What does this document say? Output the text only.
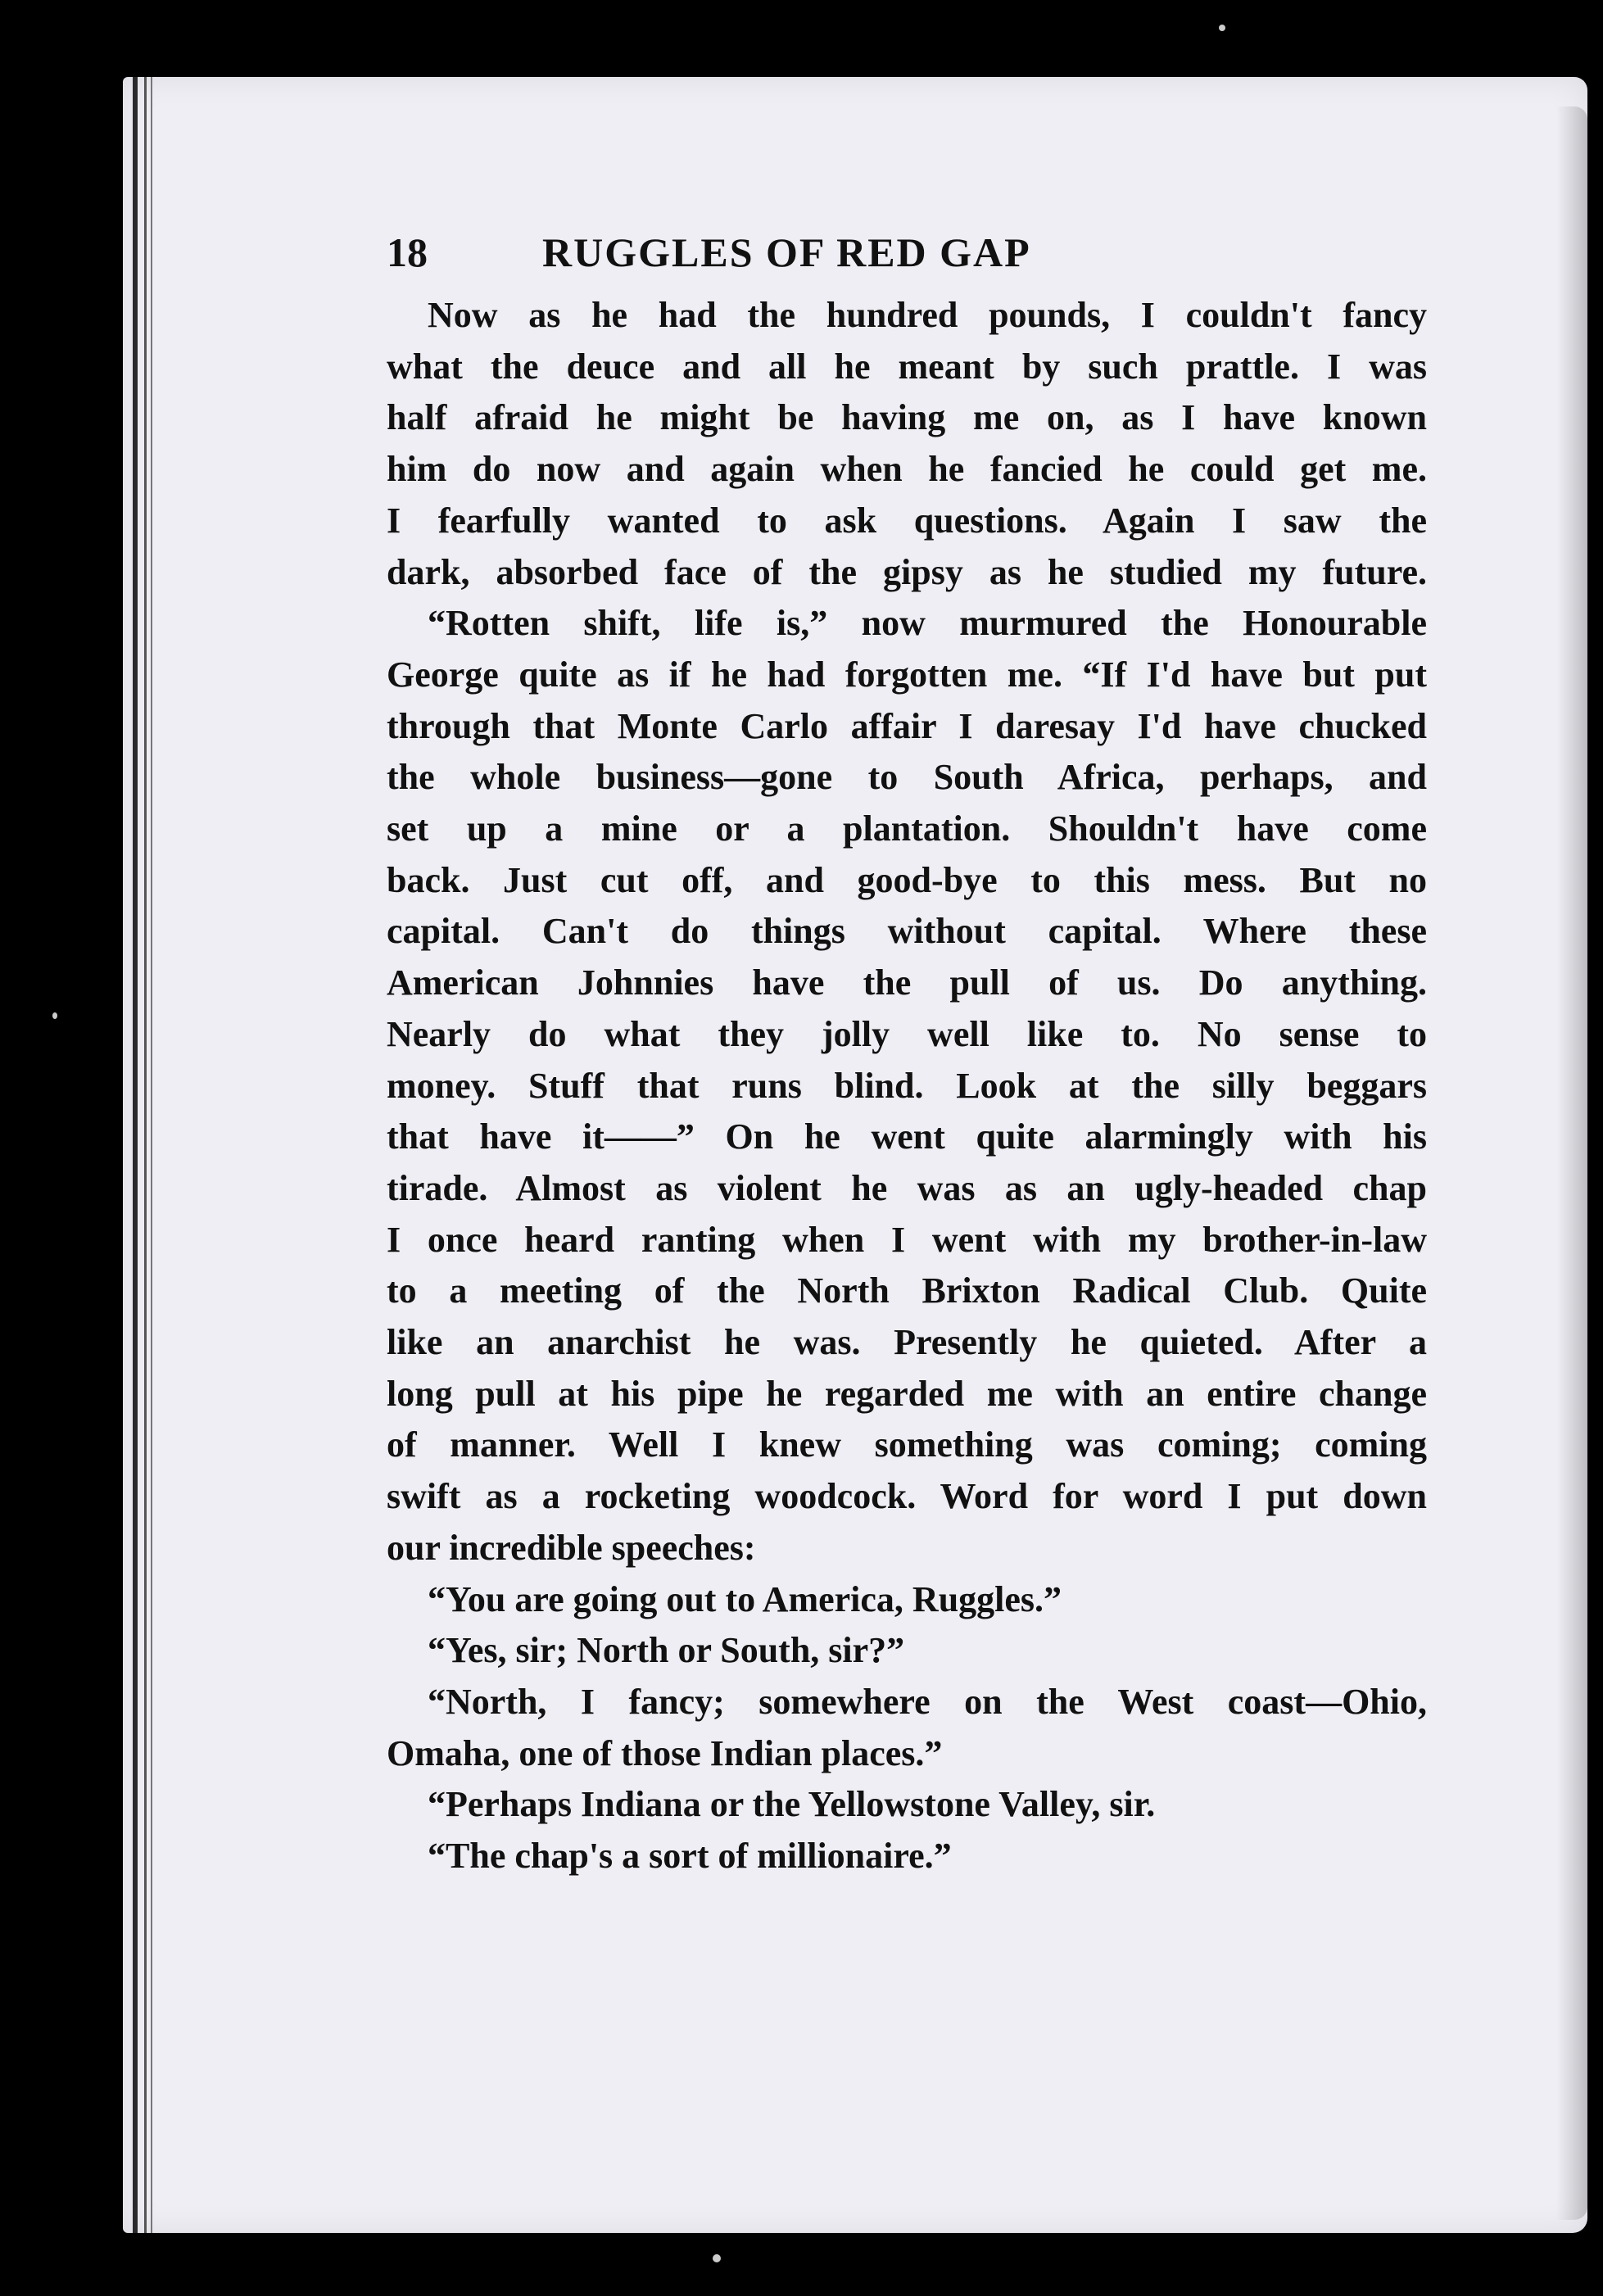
18	RUGGLES OF RED GAP
Now as he had the hundred pounds, I couldn't fancy
what the deuce and all he meant by such prattle. I was
half afraid he might be having me on, as I have known
him do now and again when he fancied he could get me.
I fearfully wanted to ask questions. Again I saw the
dark, absorbed face of the gipsy as he studied my future.
“Rotten shift, life is,” now murmured the Honourable
George quite as if he had forgotten me. “If I'd have but put
through that Monte Carlo affair I daresay I'd have chucked
the whole business—gone to South Africa, perhaps, and
set up a mine or a plantation. Shouldn't have come
back. Just cut off, and good-bye to this mess. But no
capital. Can't do things without capital. Where these
American Johnnies have the pull of us. Do anything.
Nearly do what they jolly well like to. No sense to
money. Stuff that runs blind. Look at the silly beggars
that have it——” On he went quite alarmingly with his
tirade. Almost as violent he was as an ugly-headed chap
I once heard ranting when I went with my brother-in-law
to a meeting of the North Brixton Radical Club. Quite
like an anarchist he was. Presently he quieted. After a
long pull at his pipe he regarded me with an entire change
of manner. Well I knew something was coming; coming
swift as a rocketing woodcock. Word for word I put down
our incredible speeches:
“You are going out to America, Ruggles.”
“Yes, sir; North or South, sir?”
“North, I fancy; somewhere on the West coast—Ohio,
Omaha, one of those Indian places.”
“Perhaps Indiana or the Yellowstone Valley, sir.
“The chap's a sort of millionaire.”
